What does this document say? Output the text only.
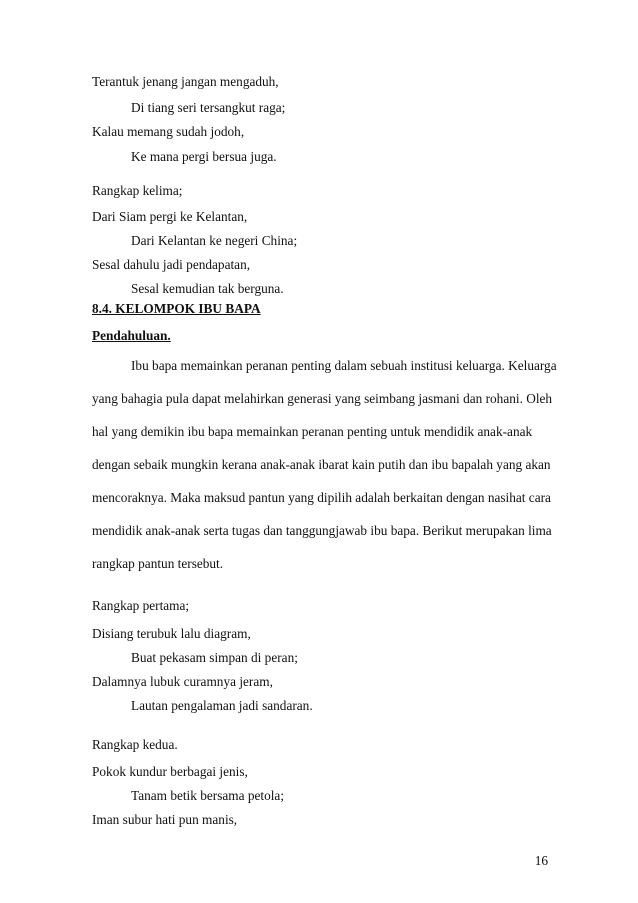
Terantuk jenang jangan mengaduh,
Di tiang seri tersangkut raga;
Kalau memang sudah jodoh,
Ke mana pergi bersua juga.
Rangkap kelima;
Dari Siam pergi ke Kelantan,
Dari Kelantan ke negeri China;
Sesal dahulu jadi pendapatan,
Sesal kemudian tak berguna.
8.4. KELOMPOK IBU BAPA
Pendahuluan.
Ibu bapa memainkan peranan penting dalam sebuah institusi keluarga. Keluarga
yang bahagia pula dapat melahirkan generasi yang seimbang jasmani dan rohani. Oleh
hal yang demikin ibu bapa memainkan peranan penting untuk mendidik anak-anak
dengan sebaik mungkin kerana anak-anak ibarat kain putih dan ibu bapalah yang akan
mencoraknya. Maka maksud pantun yang dipilih adalah berkaitan dengan nasihat cara
mendidik anak-anak serta tugas dan tanggungjawab ibu bapa. Berikut merupakan lima
rangkap pantun tersebut.
Rangkap pertama;
Disiang terubuk lalu diagram,
Buat pekasam simpan di peran;
Dalamnya lubuk curamnya jeram,
Lautan pengalaman jadi sandaran.
Rangkap kedua.
Pokok kundur berbagai jenis,
Tanam betik bersama petola;
Iman subur hati pun manis,
16
